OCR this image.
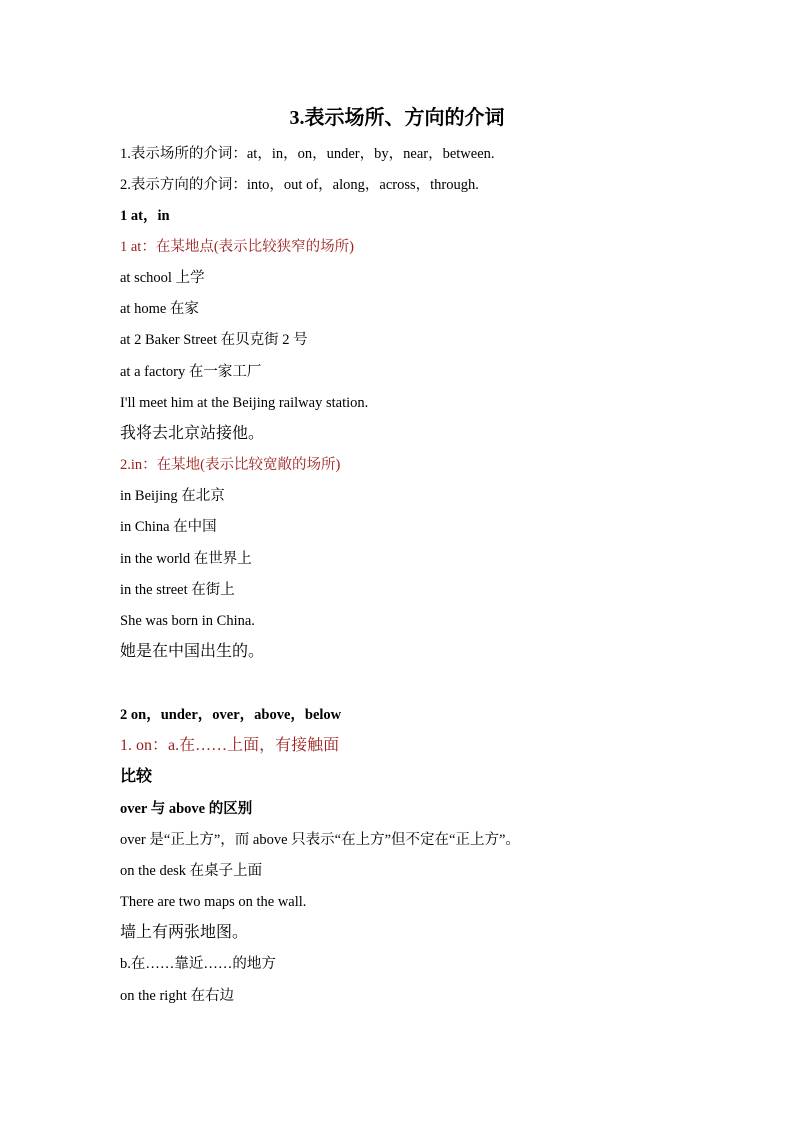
3.表示场所、方向的介词
1.表示场所的介词：at，in，on，under，by，near，between.
2.表示方向的介词：into，out of，along，across，through.
1 at，in
1 at：在某地点(表示比较狭窄的场所)
at school 上学
at home 在家
at 2 Baker Street 在贝克街 2 号
at a factory 在一家工厂
I'll meet him at the Beijing railway station.
我将去北京站接他。
2.in：在某地(表示比较宽敞的场所)
in Beijing 在北京
in China 在中国
in the world 在世界上
in the street 在街上
She was born in China.
她是在中国出生的。
2 on，under，over，above，below
1. on：a.在……上面，有接触面
比较
over 与 above 的区别
over 是“正上方”，而 above 只表示“在上方”但不定在“正上方”。
on the desk 在桌子上面
There are two maps on the wall.
墙上有两张地图。
b.在……靠近……的地方
on the right 在右边
